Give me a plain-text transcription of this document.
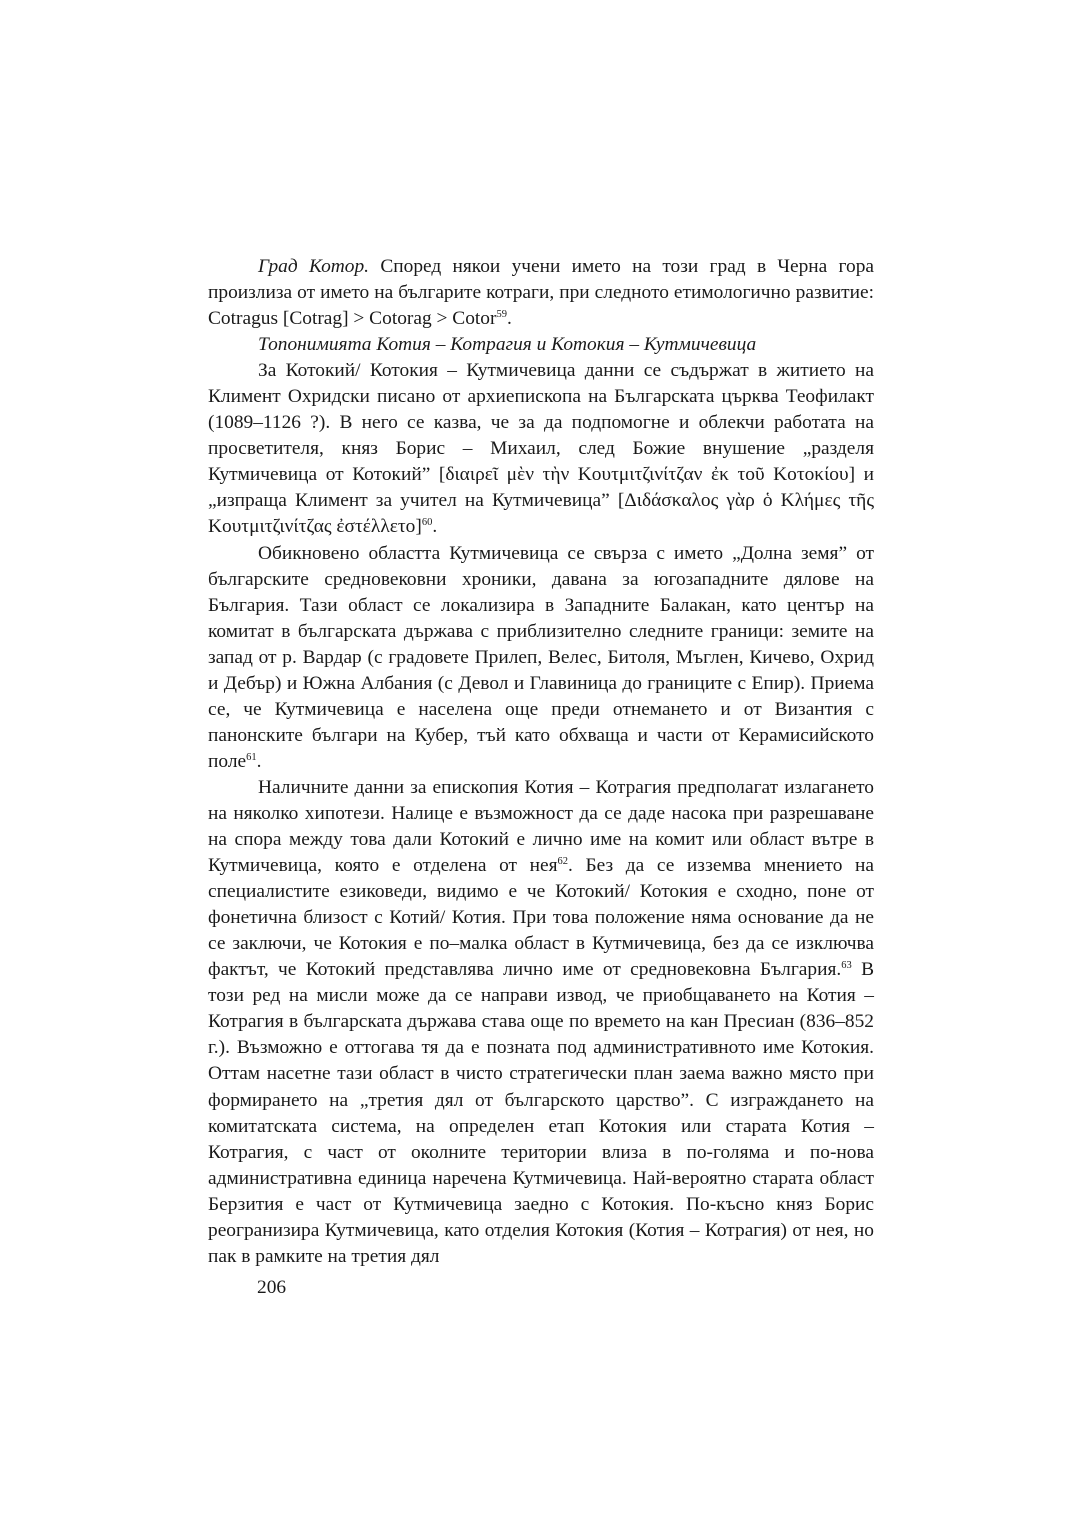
Град Котор. Според някои учени името на този град в Черна гора произлиза от името на българите котраги, при следното етимологично развитие: Cotragus [Cotrag] > Cotorag > Cotor$^{59}$.

Топонимията Котия – Котрагия и Котокия – Кутмичевица

За Котокий/ Котокия – Кутмичевица данни се съдържат в житието на Климент Охридски писано от архиепископа на Българската църква Теофилакт (1089–1126 ?). В него се казва, че за да подпомогне и облекчи работата на просветителя, княз Борис – Михаил, след Божие внушение „разделя Кутмичевица от Котокий” [διαιρεῖ μὲν τὴν Κουτμιτζινίτζαν ἐκ τοῦ Κοτοκίου] и „изпраща Климент за учител на Кутмичевица” [Διδάσκαλος γὰρ ὁ Κλήμες τῆς Κουτμιτζινίτζας ἐστέλλετο]$^{60}$.

Обикновено областта Кутмичевица се свърза с името „Долна земя” от българските средновековни хроники, давана за югозападните дялове на България. Тази област се локализира в Западните Балакан, като център на комитат в българската държава с приблизително следните граници: земите на запад от р. Вардар (с градовете Прилеп, Велес, Битоля, Мъглен, Кичево, Охрид и Дебър) и Южна Албания (с Девол и Главиница до границите с Епир). Приема се, че Кутмичевица е населена още преди отнемането и от Византия с панонските българи на Кубер, тъй като обхваща и части от Керамисийското поле$^{61}$.

Наличните данни за епископия Котия – Котрагия предполагат излагането на няколко хипотези. Налице е възможност да се даде насока при разрешаване на спора между това дали Котокий е лично име на комит или област вътре в Кутмичевица, която е отделена от нея$^{62}$. Без да се изземва мнението на специалистите езиковеди, видимо е че Котокий/ Котокия е сходно, поне от фонетична близост с Котий/ Котия. При това положение няма основание да не се заключи, че Котокия е по–малка област в Кутмичевица, без да се изключва фактът, че Котокий представлява лично име от средновековна България.$^{63}$ В този ред на мисли може да се направи извод, че приобщаването на Котия – Котрагия в българската държава става още по времето на кан Пресиан (836–852 г.). Възможно е оттогава тя да е позната под административното име Котокия. Оттам насетне тази област в чисто стратегически план заема важно място при формирането на „третия дял от българското царство”. С изграждането на комитатската система, на определен етап Котокия или старата Котия – Котрагия, с част от околните територии влиза в по-голяма и по-нова административна единица наречена Кутмичевица. Най-вероятно старата област Берзития е част от Кутмичевица заедно с Котокия. По-късно княз Борис реогранизира Кутмичевица, като отделия Котокия (Котия – Котрагия) от нея, но пак в рамките на третия дял

206
